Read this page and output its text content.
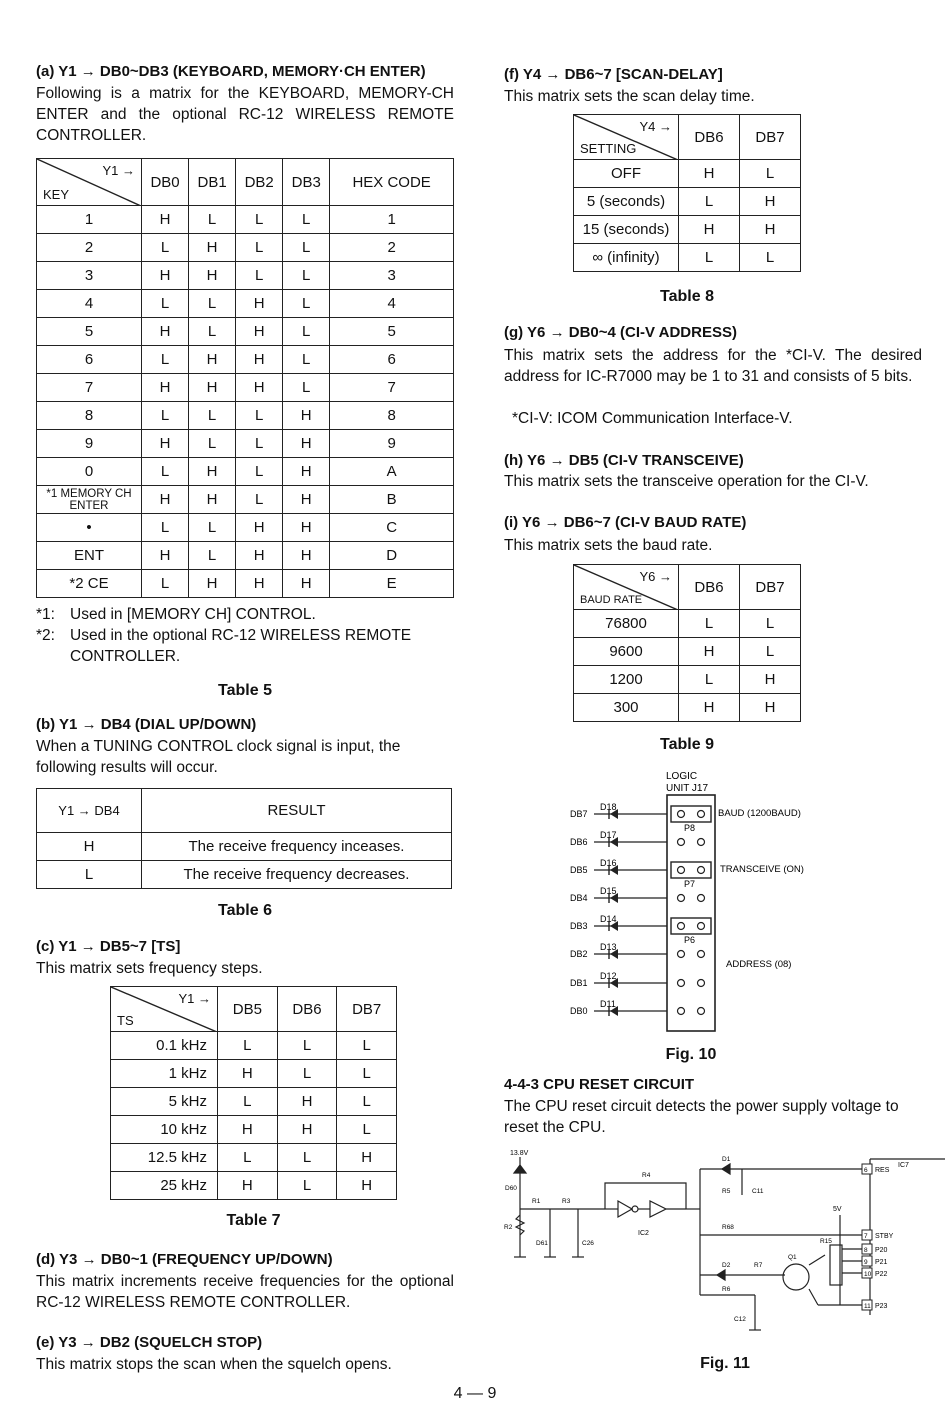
(a) Y1 → DB0~DB3 (KEYBOARD, MEMORY·CH ENTER)
Following is a matrix for the KEYBOARD, MEMORY-CH ENTER and the optional RC-12 WIRELESS REMOTE CONTROLLER.
Y1 →
KEY	DB0	DB1	DB2	DB3	HEX CODE
1	H	L	L	L	1
2	L	H	L	L	2
3	H	H	L	L	3
4	L	L	H	L	4
5	H	L	H	L	5
6	L	H	H	L	6
7	H	H	H	L	7
8	L	L	L	H	8
9	H	L	L	H	9
0	L	H	L	H	A
*1 MEMORY CH ENTER	H	H	L	H	B
•	L	L	H	H	C
ENT	H	L	H	H	D
*2 CE	L	H	H	H	E
*1: Used in [MEMORY CH] CONTROL.
*2: Used in the optional RC-12 WIRELESS REMOTE CONTROLLER.
Table 5
(b) Y1 → DB4 (DIAL UP/DOWN)
When a TUNING CONTROL clock signal is input, the following results will occur.
Y1 → DB4	RESULT
H	The receive frequency inceases.
L	The receive frequency decreases.
Table 6
(c) Y1 → DB5~7 [TS]
This matrix sets frequency steps.
Y1 →
TS	DB5	DB6	DB7
0.1 kHz	L	L	L
1 kHz	H	L	L
5 kHz	L	H	L
10 kHz	H	H	L
12.5 kHz	L	L	H
25 kHz	H	L	H
Table 7
(d) Y3 → DB0~1 (FREQUENCY UP/DOWN)
This matrix increments receive frequencies for the optional RC-12 WIRELESS REMOTE CONTROLLER.
(e) Y3 → DB2 (SQUELCH STOP)
This matrix stops the scan when the squelch opens.
(f) Y4 → DB6~7 [SCAN-DELAY]
This matrix sets the scan delay time.
Y4 →
SETTING	DB6	DB7
OFF	H	L
5 (seconds)	L	H
15 (seconds)	H	H
∞ (infinity)	L	L
Table 8
(g) Y6 → DB0~4 (CI-V ADDRESS)
This matrix sets the address for the *CI-V. The desired address for IC-R7000 may be 1 to 31 and consists of 5 bits.
*CI-V: ICOM Communication Interface-V.
(h) Y6 → DB5 (CI-V TRANSCEIVE)
This matrix sets the transceive operation for the CI-V.
(i) Y6 → DB6~7 (CI-V BAUD RATE)
This matrix sets the baud rate.
Y6 →
BAUD RATE	DB6	DB7
76800	L	L
9600	H	L
1200	L	H
300	H	H
Table 9
LOGIC
UNIT J17
DB7
D18
DB6
D17
DB5
D16
DB4
D15
DB3
D14
DB2
D13
DB1
D12
DB0
D11
P8
P7
P6
BAUD (1200BAUD)
TRANSCEIVE (ON)
ADDRESS (08)
Fig. 10
4-4-3 CPU RESET CIRCUIT
The CPU reset circuit detects the power supply voltage to reset the CPU.
6 RES
7 STBY
8 P20
9 P21
10 P22
11 P23
13.8V
5V
IC7
IC2
D60
R1	R3
R2
D61	C26
R4
D1
R5	C11
R68
D2	R7
Q1
R15
R6
C12
Fig. 11
4 — 9
